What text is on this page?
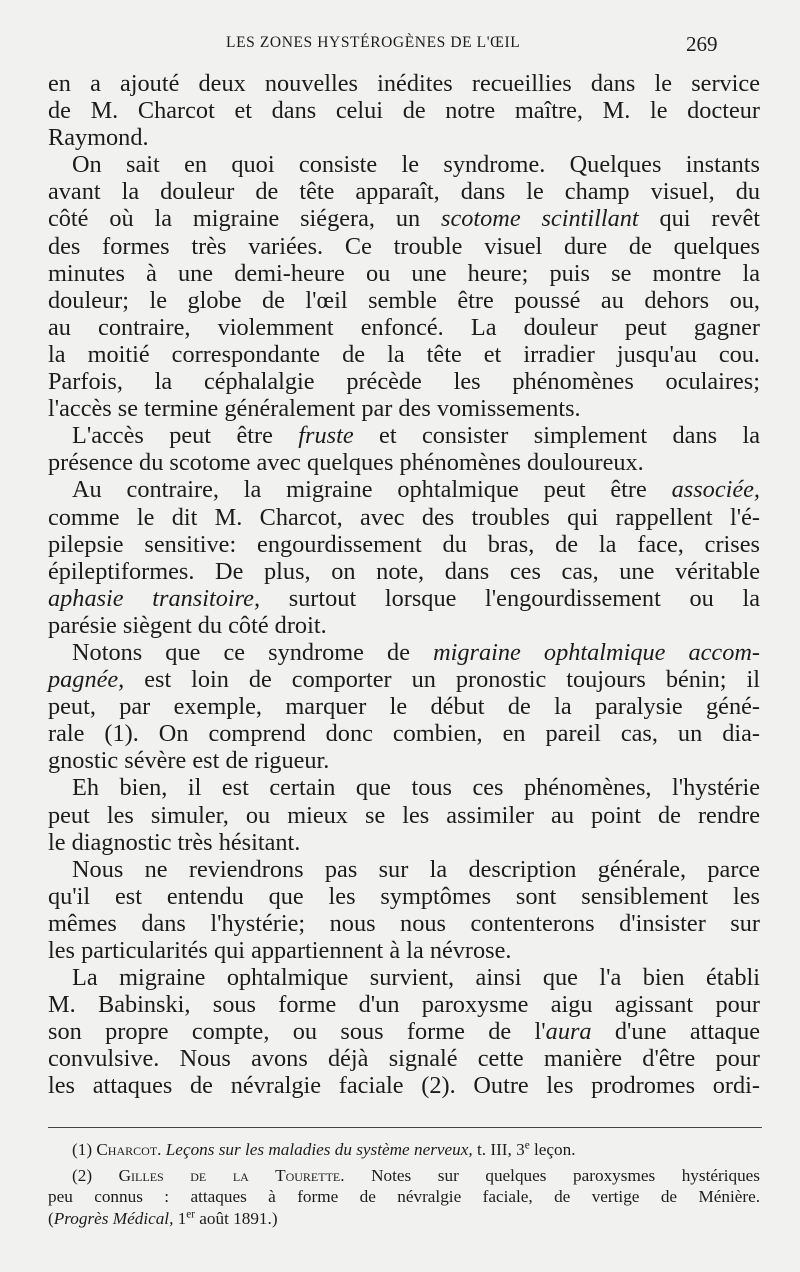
LES ZONES HYSTÉROGÈNES DE L'ŒIL	269
en a ajouté deux nouvelles inédites recueillies dans le service
de M. Charcot et dans celui de notre maître, M. le docteur
Raymond.
On sait en quoi consiste le syndrome. Quelques instants
avant la douleur de tête apparaît, dans le champ visuel, du
côté où la migraine siégera, un scotome scintillant qui revêt
des formes très variées. Ce trouble visuel dure de quelques
minutes à une demi-heure ou une heure; puis se montre la
douleur; le globe de l'œil semble être poussé au dehors ou,
au contraire, violemment enfoncé. La douleur peut gagner
la moitié correspondante de la tête et irradier jusqu'au cou.
Parfois, la céphalalgie précède les phénomènes oculaires;
l'accès se termine généralement par des vomissements.
L'accès peut être fruste et consister simplement dans la
présence du scotome avec quelques phénomènes douloureux.
Au contraire, la migraine ophtalmique peut être associée,
comme le dit M. Charcot, avec des troubles qui rappellent l'é-
pilepsie sensitive: engourdissement du bras, de la face, crises
épileptiformes. De plus, on note, dans ces cas, une véritable
aphasie transitoire, surtout lorsque l'engourdissement ou la
parésie siègent du côté droit.
Notons que ce syndrome de migraine ophtalmique accom-
pagnée, est loin de comporter un pronostic toujours bénin; il
peut, par exemple, marquer le début de la paralysie géné-
rale (1). On comprend donc combien, en pareil cas, un dia-
gnostic sévère est de rigueur.
Eh bien, il est certain que tous ces phénomènes, l'hystérie
peut les simuler, ou mieux se les assimiler au point de rendre
le diagnostic très hésitant.
Nous ne reviendrons pas sur la description générale, parce
qu'il est entendu que les symptômes sont sensiblement les
mêmes dans l'hystérie; nous nous contenterons d'insister sur
les particularités qui appartiennent à la névrose.
La migraine ophtalmique survient, ainsi que l'a bien établi
M. Babinski, sous forme d'un paroxysme aigu agissant pour
son propre compte, ou sous forme de l'aura d'une attaque
convulsive. Nous avons déjà signalé cette manière d'être pour
les attaques de névralgie faciale (2). Outre les prodromes ordi-
(1) Charcot. Leçons sur les maladies du système nerveux, t. III, 3e leçon.
(2) Gilles de la Tourette. Notes sur quelques paroxysmes hystériques
peu connus : attaques à forme de névralgie faciale, de vertige de Ménière.
(Progrès Médical, 1er août 1891.)
